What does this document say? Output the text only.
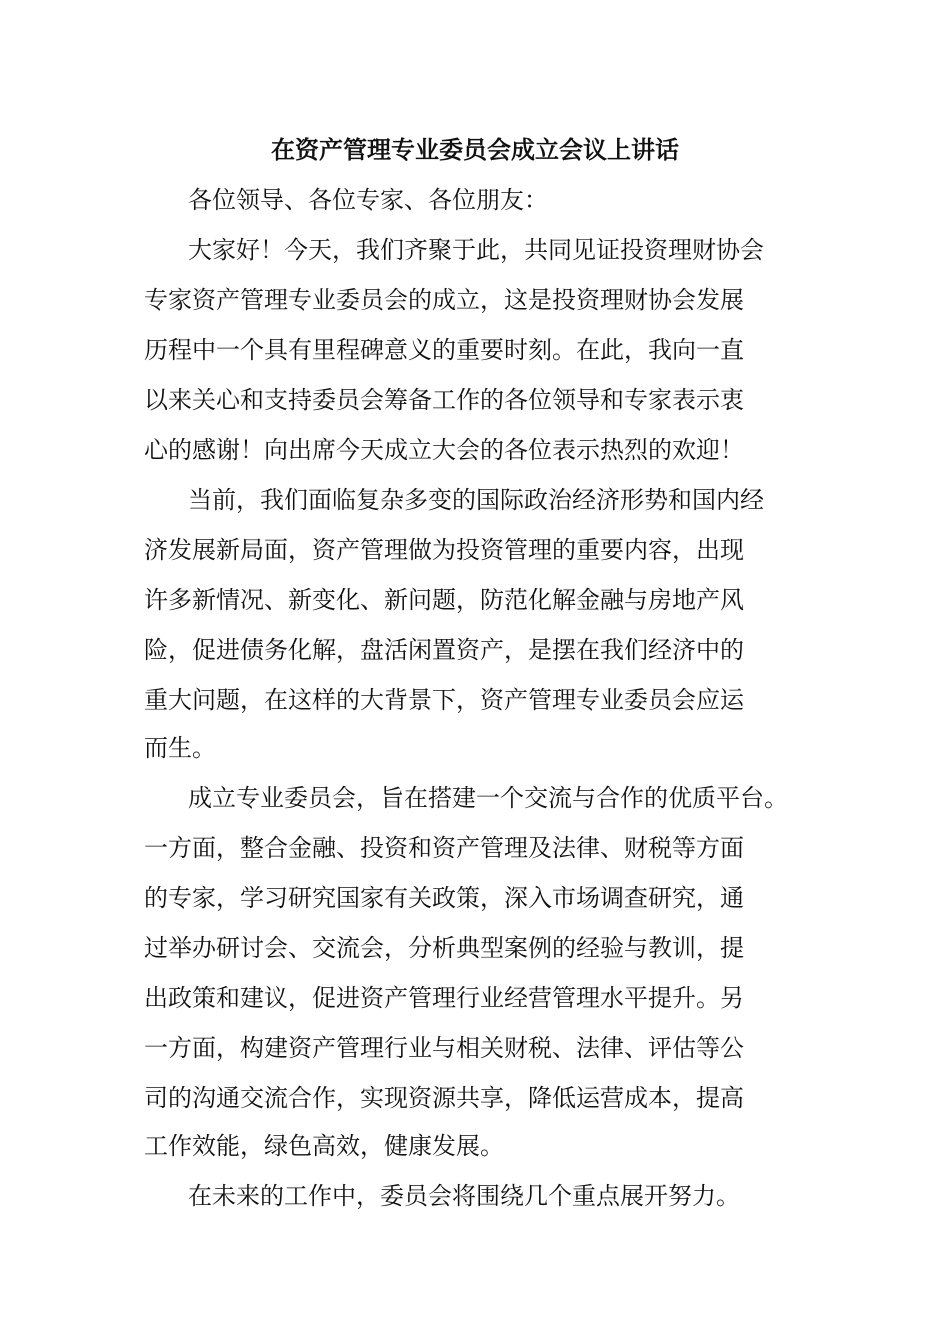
在资产管理专业委员会成立会议上讲话

各位领导、各位专家、各位朋友：

大家好！今天，我们齐聚于此，共同见证投资理财协会

专家资产管理专业委员会的成立，这是投资理财协会发展

历程中一个具有里程碑意义的重要时刻。在此，我向一直

以来关心和支持委员会筹备工作的各位领导和专家表示衷

心的感谢！向出席今天成立大会的各位表示热烈的欢迎！

当前，我们面临复杂多变的国际政治经济形势和国内经

济发展新局面，资产管理做为投资管理的重要内容，出现

许多新情况、新变化、新问题，防范化解金融与房地产风

险，促进债务化解，盘活闲置资产，是摆在我们经济中的

重大问题，在这样的大背景下，资产管理专业委员会应运

而生。

成立专业委员会，旨在搭建一个交流与合作的优质平台。

一方面，整合金融、投资和资产管理及法律、财税等方面

的专家，学习研究国家有关政策，深入市场调查研究，通

过举办研讨会、交流会，分析典型案例的经验与教训，提

出政策和建议，促进资产管理行业经营管理水平提升。另

一方面，构建资产管理行业与相关财税、法律、评估等公

司的沟通交流合作，实现资源共享，降低运营成本，提高

工作效能，绿色高效，健康发展。

在未来的工作中，委员会将围绕几个重点展开努力。
